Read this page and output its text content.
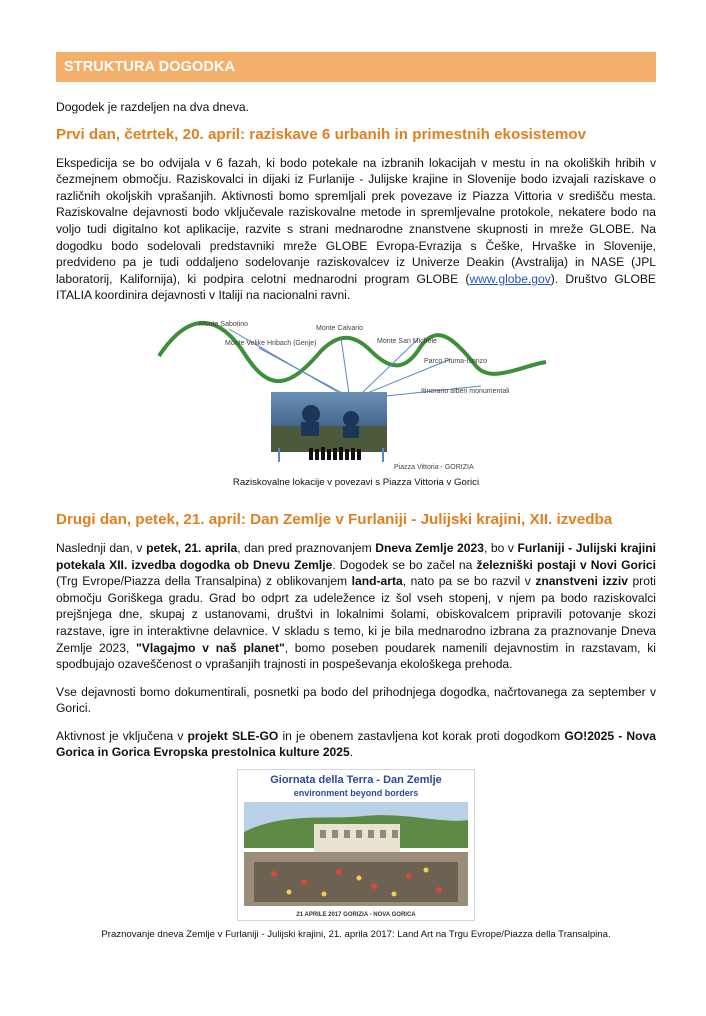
STRUKTURA DOGODKA

Dogodek je razdeljen na dva dneva.

Prvi dan, četrtek, 20. april: raziskave 6 urbanih in primestnih ekosistemov

Ekspedicija se bo odvijala v 6 fazah, ki bodo potekale na izbranih lokacijah v mestu in na okoliških hribih v čezmejnem območju. Raziskovalci in dijaki iz Furlanije - Julijske krajine in Slovenije bodo izvajali raziskave o različnih okoljskih vprašanjih. Aktivnosti bomo spremljali prek povezave iz Piazza Vittoria v središču mesta. Raziskovalne dejavnosti bodo vključevale raziskovalne metode in spremljevalne protokole, nekatere bodo na voljo tudi digitalno kot aplikacije, razvite s strani mednarodne znanstvene skupnosti in mreže GLOBE. Na dogodku bodo sodelovali predstavniki mreže GLOBE Evropa-Evrazija s Češke, Hrvaške in Slovenije, predvideno pa je tudi oddaljeno sodelovanje raziskovalcev iz Univerze Deakin (Avstralija) in NASE (JPL laboratorij, Kalifornija), ki podpira celotni mednarodni program GLOBE (www.globe.gov). Društvo GLOBE ITALIA koordinira dejavnosti v Italiji na nacionalni ravni.

Monte Sabotino
Monte Velike Hribach (Genje)
Monte Calvario
Monte San Michele
Parco Piuma-Isonzo
Itinerario alberi monumentali
Piazza Vittoria - GORIZIA
Raziskovalne lokacije v povezavi s Piazza Vittoria v Gorici
Drugi dan, petek, 21. april: Dan Zemlje v Furlaniji - Julijski krajini, XII. izvedba

Naslednji dan, v petek, 21. aprila, dan pred praznovanjem Dneva Zemlje 2023, bo v Furlaniji - Julijski krajini potekala XII. izvedba dogodka ob Dnevu Zemlje. Dogodek se bo začel na železniški postaji v Novi Gorici (Trg Evrope/Piazza della Transalpina) z oblikovanjem land-arta, nato pa se bo razvil v znanstveni izziv proti območju Goriškega gradu. Grad bo odprt za udeležence iz šol vseh stopenj, v njem pa bodo raziskovalci prejšnjega dne, skupaj z ustanovami, društvi in lokalnimi šolami, obiskovalcem pripravili potovanje skozi razstave, igre in interaktivne delavnice. V skladu s temo, ki je bila mednarodno izbrana za praznovanje Dneva Zemlje 2023, "Vlagajmo v naš planet", bomo poseben poudarek namenili dejavnostim in razstavam, ki spodbujajo ozaveščenost o vprašanjih trajnosti in pospeševanja ekološkega prehoda.

Vse dejavnosti bomo dokumentirali, posnetki pa bodo del prihodnjega dogodka, načrtovanega za september v Gorici.

Aktivnost je vključena v projekt SLE-GO in je obenem zastavljena kot korak proti dogodkom GO!2025 - Nova Gorica in Gorica Evropska prestolnica kulture 2025.

Giornata della Terra - Dan Zemlje
environment beyond borders
21 APRILE 2017 GORIZIA - NOVA GORICA
Praznovanje dneva Zemlje v Furlaniji - Julijski krajini, 21. aprila 2017: Land Art na Trgu Evrope/Piazza della Transalpina.
